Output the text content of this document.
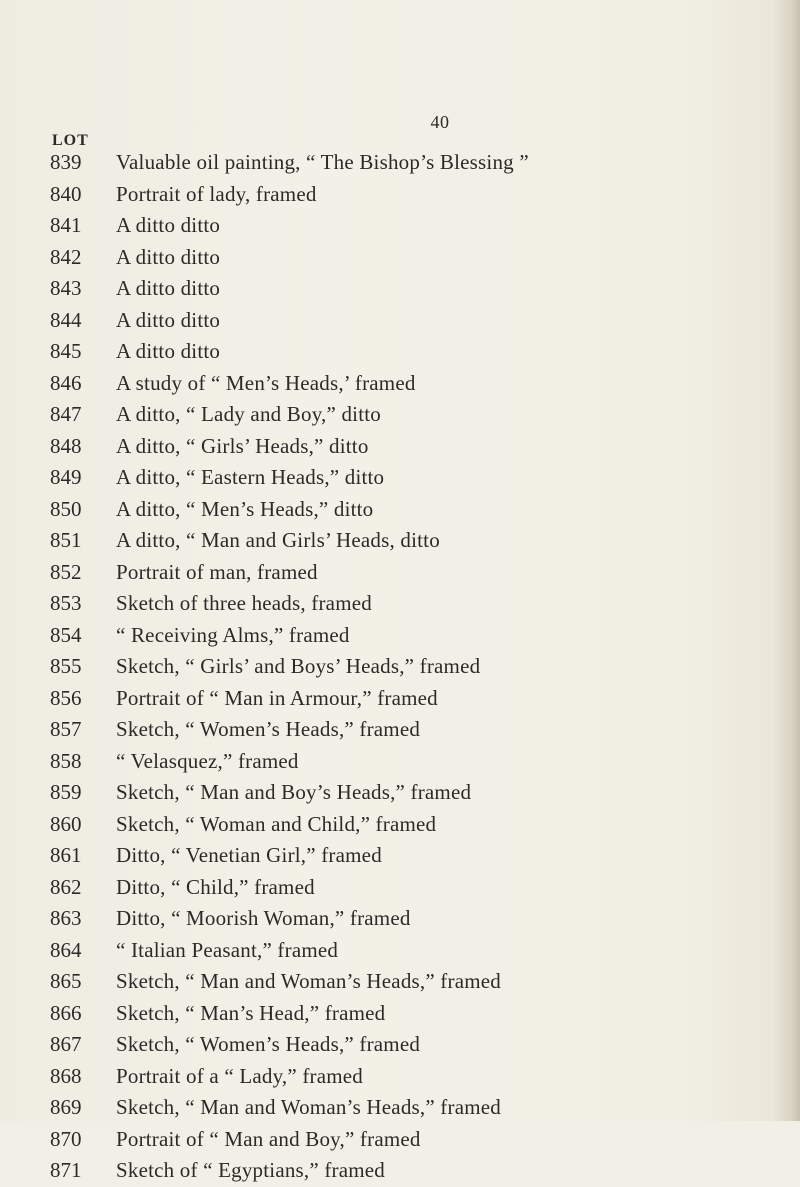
40
LOT
839	Valuable oil painting, “ The Bishop’s Blessing ”
840	Portrait of lady, framed
841	A ditto ditto
842	A ditto ditto
843	A ditto ditto
844	A ditto ditto
845	A ditto ditto
846	A study of “ Men’s Heads,’ framed
847	A ditto, “ Lady and Boy,” ditto
848	A ditto, “ Girls’ Heads,” ditto
849	A ditto, “ Eastern Heads,” ditto
850	A ditto, “ Men’s Heads,” ditto
851	A ditto, “ Man and Girls’ Heads, ditto
852	Portrait of man, framed
853	Sketch of three heads, framed
854	“ Receiving Alms,” framed
855	Sketch, “ Girls’ and Boys’ Heads,” framed
856	Portrait of “ Man in Armour,” framed
857	Sketch, “ Women’s Heads,” framed
858	“ Velasquez,” framed
859	Sketch, “ Man and Boy’s Heads,” framed
860	Sketch, “ Woman and Child,” framed
861	Ditto, “ Venetian Girl,” framed
862	Ditto, “ Child,” framed
863	Ditto, “ Moorish Woman,” framed
864	“ Italian Peasant,” framed
865	Sketch, “ Man and Woman’s Heads,” framed
866	Sketch, “ Man’s Head,” framed
867	Sketch, “ Women’s Heads,” framed
868	Portrait of a “ Lady,” framed
869	Sketch, “ Man and Woman’s Heads,” framed
870	Portrait of “ Man and Boy,” framed
871	Sketch of “ Egyptians,” framed
